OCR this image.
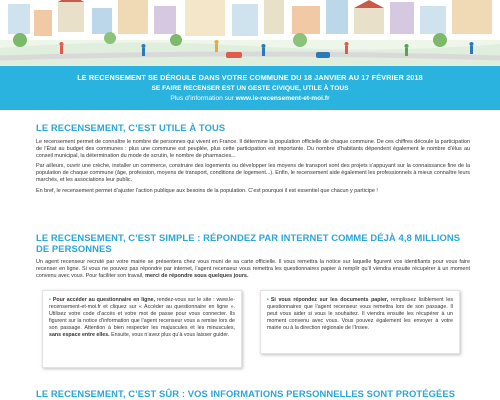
LE RECENSEMENT SE DÉROULE DANS VOTRE COMMUNE DU 18 JANVIER AU 17 FÉVRIER 2018
SE FAIRE RECENSER EST UN GESTE CIVIQUE, UTILE À TOUS
Plus d’information sur www.le-recensement-et-moi.fr
LE RECENSEMENT, C’EST UTILE À TOUS
Le recensement permet de connaître le nombre de personnes qui vivent en France. Il détermine la population officielle de chaque commune. De ces chiffres découle la participation de l’État au budget des communes : plus une commune est peuplée, plus cette participation est importante. Du nombre d’habitants dépendent également le nombre d’élus au conseil municipal, la détermination du mode de scrutin, le nombre de pharmacies...
Par ailleurs, ouvrir une crèche, installer un commerce, construire des logements ou développer les moyens de transport sont des projets s’appuyant sur la connaissance fine de la population de chaque commune (âge, profession, moyens de transport, conditions de logement...). Enfin, le recensement aide également les professionnels à mieux connaître leurs marchés, et les associations leur public.
En bref, le recensement permet d’ajuster l’action publique aux besoins de la population. C’est pourquoi il est essentiel que chacun y participe !
LE RECENSEMENT, C’EST SIMPLE : RÉPONDEZ PAR INTERNET COMME DÉJÀ 4,8 MILLIONS DE PERSONNES
Un agent recenseur recruté par votre mairie se présentera chez vous muni de sa carte officielle. Il vous remettra la notice sur laquelle figurent vos identifiants pour vous faire recenser en ligne. Si vous ne pouvez pas répondre par internet, l’agent recenseur vous remettra les questionnaires papier à remplir qu’il viendra ensuite récupérer à un moment convenu avec vous. Pour faciliter son travail, merci de répondre sous quelques jours.
• Pour accéder au questionnaire en ligne, rendez-vous sur le site : www.le-recensement-et-moi.fr et cliquez sur « Accéder au questionnaire en ligne ». Utilisez votre code d’accès et votre mot de passe pour vous connecter. Ils figurent sur la notice d’information que l’agent recenseur vous a remise lors de son passage. Attention à bien respecter les majuscules et les minuscules, sans espace entre elles. Ensuite, vous n’avez plus qu’à vous laisser guider.
• Si vous répondez sur les documents papier, remplissez lisiblement les questionnaires que l’agent recenseur vous remettra lors de son passage. Il peut vous aider si vous le souhaitez. Il viendra ensuite les récupérer à un moment convenu avec vous. Vous pouvez également les envoyer à votre mairie ou à la direction régionale de l’Insee.
LE RECENSEMENT, C’EST SÛR : VOS INFORMATIONS PERSONNELLES SONT PROTÉGÉES
